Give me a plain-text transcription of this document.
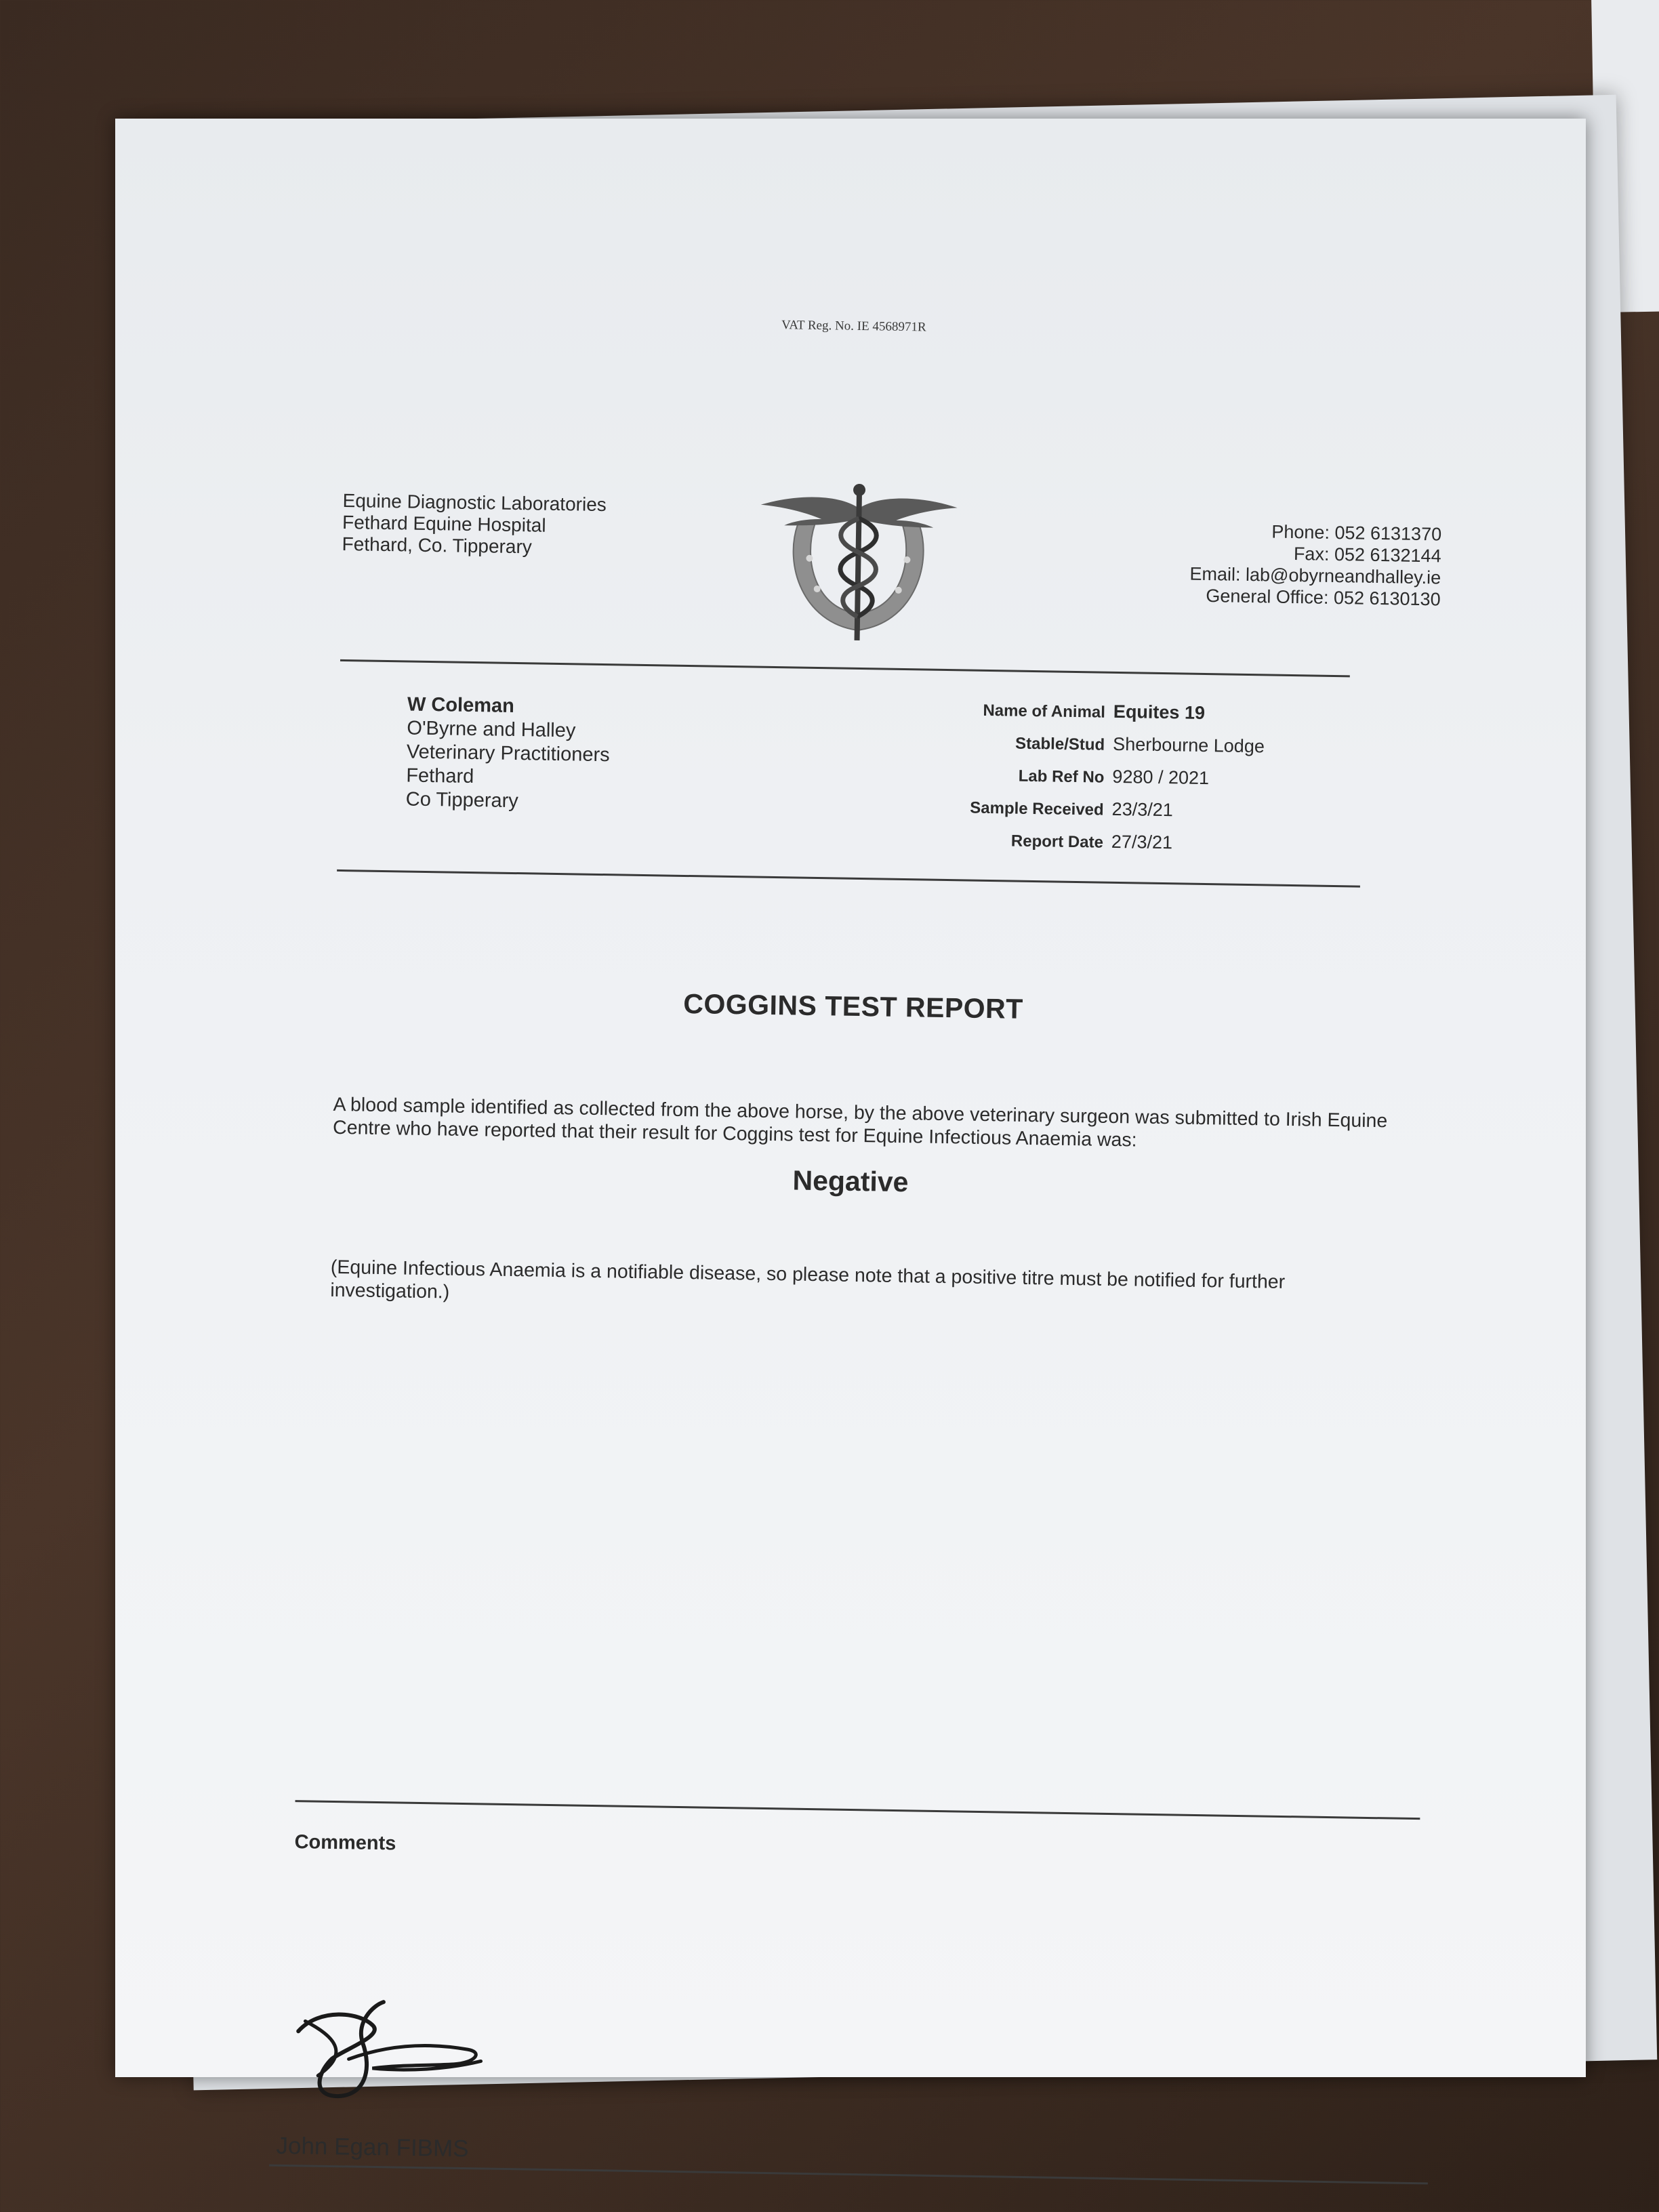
VAT Reg. No. IE 4568971R
Equine Diagnostic Laboratories
Fethard Equine Hospital
Fethard, Co. Tipperary
Phone: 052 6131370
Fax: 052 6132144
Email: lab@obyrneandhalley.ie
General Office: 052 6130130
W Coleman
O'Byrne and Halley
Veterinary Practitioners
Fethard
Co Tipperary
Name of Animal Equites 19
Stable/Stud Sherbourne Lodge
Lab Ref No 9280 / 2021
Sample Received 23/3/21
Report Date 27/3/21
COGGINS TEST REPORT
A blood sample identified as collected from the above horse, by the above veterinary surgeon was submitted to Irish Equine Centre who have reported that their result for Coggins test for Equine Infectious Anaemia was:
Negative
(Equine Infectious Anaemia is a notifiable disease, so please note that a positive titre must be notified for further investigation.)
Comments
John Egan FIBMS
